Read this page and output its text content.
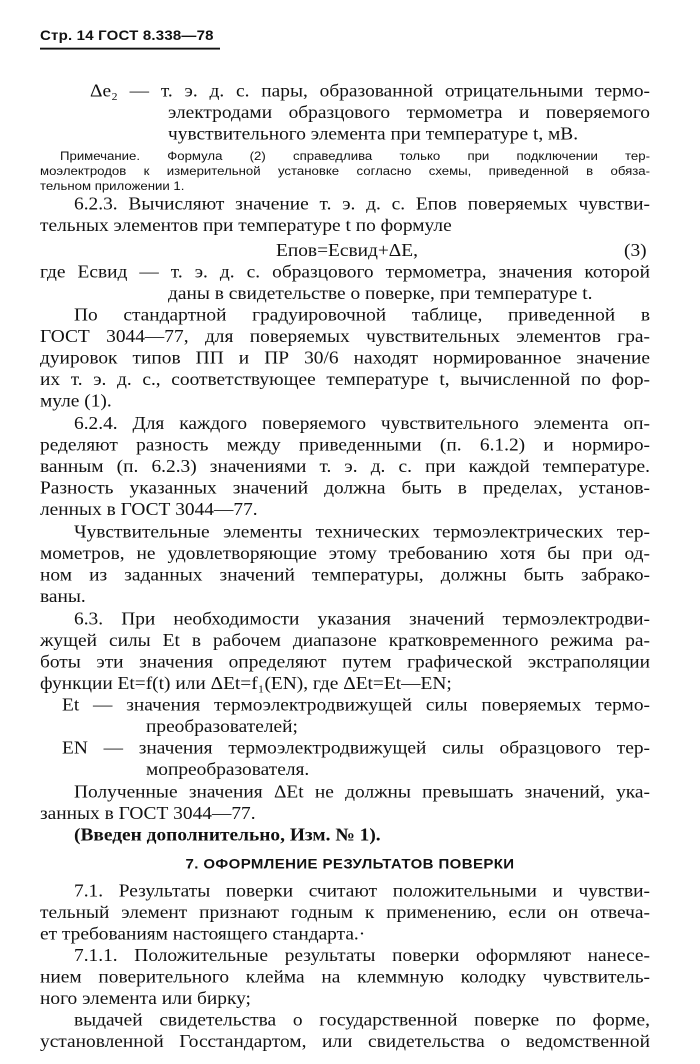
Стр. 14 ГОСТ 8.338—78
Δe₂ — т. э. д. с. пары, образованной отрицательными термо-
электродами образцового термометра и поверяемого
чувствительного элемента при температуре t, мВ.
Примечание. Формула (2) справедлива только при подключении тер-
моэлектродов к измерительной установке согласно схемы, приведенной в обяза-
тельном приложении 1.
6.2.3. Вычисляют значение т. э. д. с. Eпов поверяемых чувстви-
тельных элементов при температуре t по формуле
Eпов=Eсвид+ΔE,	(3)
где Eсвид — т. э. д. с. образцового термометра, значения которой
даны в свидетельстве о поверке, при температуре t.
По стандартной градуировочной таблице, приведенной в
ГОСТ 3044—77, для поверяемых чувствительных элементов гра-
дуировок типов ПП и ПР 30/6 находят нормированное значение
их т. э. д. с., соответствующее температуре t, вычисленной по фор-
муле (1).
6.2.4. Для каждого поверяемого чувствительного элемента оп-
ределяют разность между приведенными (п. 6.1.2) и нормиро-
ванным (п. 6.2.3) значениями т. э. д. с. при каждой температуре.
Разность указанных значений должна быть в пределах, установ-
ленных в ГОСТ 3044—77.
Чувствительные элементы технических термоэлектрических тер-
мометров, не удовлетворяющие этому требованию хотя бы при од-
ном из заданных значений температуры, должны быть забрако-
ваны.
6.3. При необходимости указания значений термоэлектродви-
жущей силы Et в рабочем диапазоне кратковременного режима ра-
боты эти значения определяют путем графической экстраполяции
функции Et=f(t) или ΔEt=f₁(EN), где ΔEt=Et—EN;
Et — значения термоэлектродвижущей силы поверяемых термо-
преобразователей;
EN — значения термоэлектродвижущей силы образцового тер-
мопреобразователя.
Полученные значения ΔEt не должны превышать значений, ука-
занных в ГОСТ 3044—77.
(Введен дополнительно, Изм. № 1).
7. ОФОРМЛЕНИЕ РЕЗУЛЬТАТОВ ПОВЕРКИ
7.1. Результаты поверки считают положительными и чувстви-
тельный элемент признают годным к применению, если он отвеча-
ет требованиям настоящего стандарта.·
7.1.1. Положительные результаты поверки оформляют нанесе-
нием поверительного клейма на клеммную колодку чувствитель-
ного элемента или бирку;
выдачей свидетельства о государственной поверке по форме,
установленной Госстандартом, или свидетельства о ведомственной
